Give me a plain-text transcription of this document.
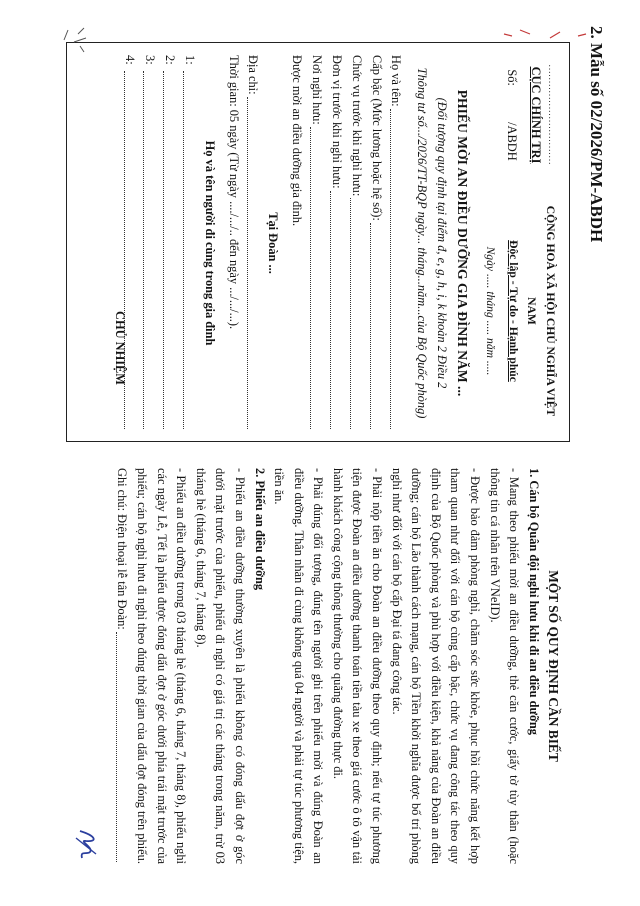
2. Mẫu số 02/2026/PM-ABDH
...............................
CỤC CHÍNH TRỊ
Số:  /ABDH
CỘNG HOÀ XÃ HỘI CHỦ NGHĨA VIỆT NAM
Độc lập - Tự do - Hạnh phúc
Ngày ..... tháng ..... năm .....
PHIẾU MỜI AN ĐIỀU DƯỠNG GIA ĐÌNH NĂM ...
(Đối tượng quy định tại điểm đ, e, g, h, i, k khoản 2 Điều 2
Thông tư số.../2026/TT-BQP ngày... tháng...năm...của Bộ Quốc phòng)
Họ và tên:
Cấp bậc (Mức lương hoặc hệ số):
Chức vụ trước khi nghỉ hưu:
Đơn vị trước khi nghỉ hưu:
Nơi nghỉ hưu:
Được mời an điều dưỡng gia đình.
Tại Đoàn ...
Địa chỉ:
Thời gian: 05 ngày (Từ ngày ..../.../.. đến ngày .../.../...).
Họ và tên người đi cùng trong gia đình
1:
2:
3:
4:
CHỦ NHIỆM
MỘT SỐ QUY ĐỊNH CẦN BIẾT
1. Cán bộ Quân đội nghỉ hưu khi đi an điều dưỡng

- Mang theo phiếu mời an điều dưỡng, thẻ căn cước, giấy tờ tùy thân (hoặc thông tin cá nhân trên VNeID).

- Được bảo đảm phòng nghỉ, chăm sóc sức khỏe, phục hồi chức năng kết hợp tham quan như đối với cán bộ cùng cấp bậc, chức vụ đang công tác theo quy định của Bộ Quốc phòng và phù hợp với điều kiện, khả năng của Đoàn an điều dưỡng; cán bộ Lão thành cách mạng, cán bộ Tiền khởi nghĩa được bố trí phòng nghỉ như đối với cán bộ cấp Đại tá đang công tác.

- Phải nộp tiền ăn cho Đoàn an điều dưỡng theo quy định; nếu tự túc phương tiện được Đoàn an điều dưỡng thanh toán tiền tàu xe theo giá cước ô tô vận tải hành khách công cộng thông thường cho quãng đường thực đi.

- Phải đúng đối tượng, đúng tên người ghi trên phiếu mời và đúng Đoàn an điều dưỡng. Thân nhân đi cùng không quá 04 người và phải tự túc phương tiện, tiền ăn.

2. Phiếu an điều dưỡng

- Phiếu an điều dưỡng thường xuyên là phiếu không có đóng dấu đợt ở góc dưới mặt trước của phiếu, phiếu đi nghỉ có giá trị các tháng trong năm, trừ 03 tháng hè (tháng 6, tháng 7, tháng 8).

- Phiếu an điều dưỡng trong 03 tháng hè (tháng 6, tháng 7, tháng 8), phiếu nghỉ các ngày Lễ, Tết là phiếu được đóng dấu đợt ở góc dưới phía trái mặt trước của phiếu; cán bộ nghỉ hưu đi nghỉ theo đúng thời gian của dấu đợt đóng trên phiếu.

Ghi chú: Điện thoại lễ tân Đoàn:
